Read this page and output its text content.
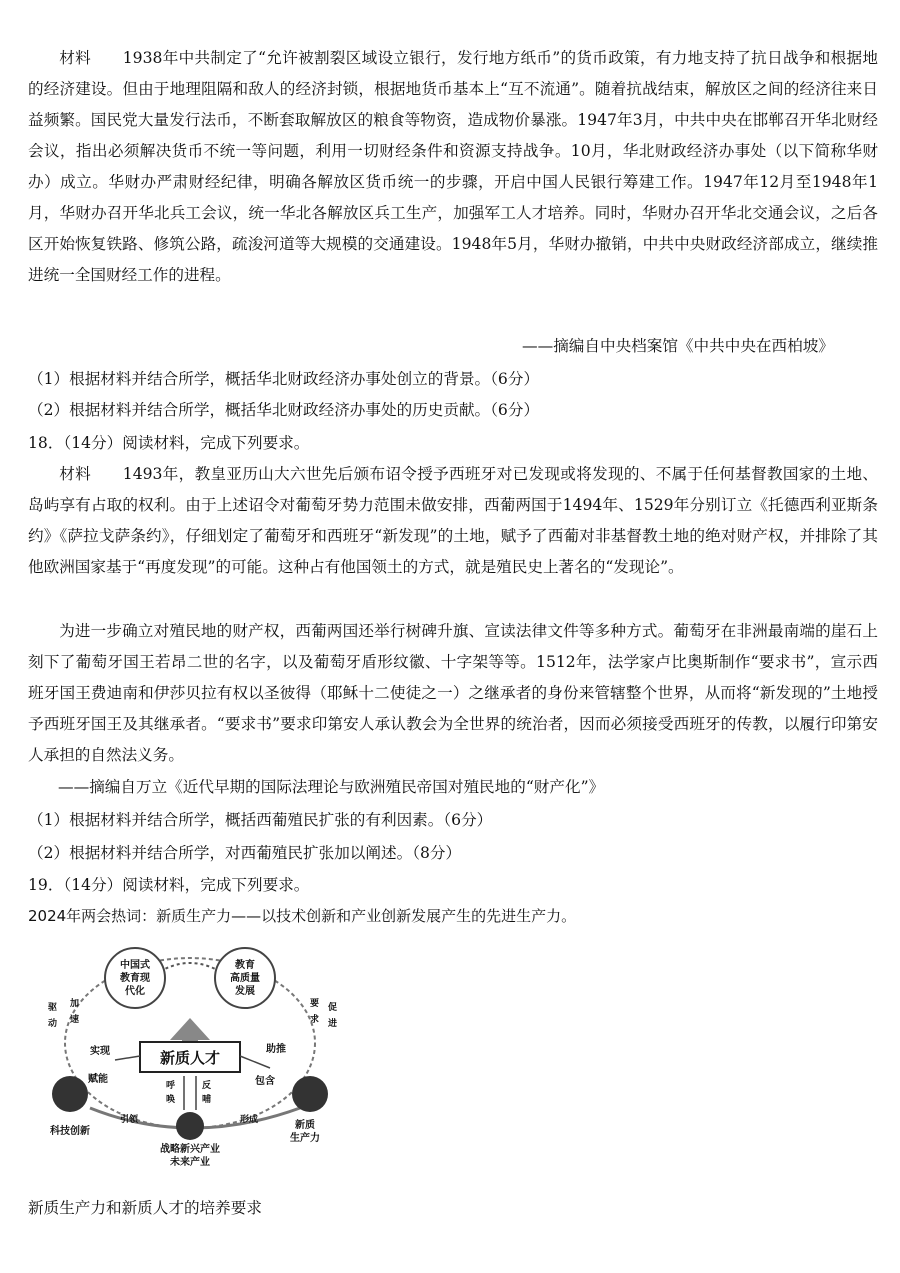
材料　　1938年中共制定了“允许被割裂区域设立银行，发行地方纸币”的货币政策，有力地支持了抗日战争和根据地的经济建设。但由于地理阻隔和敌人的经济封锁，根据地货币基本上“互不流通”。随着抗战结束，解放区之间的经济往来日益频繁。国民党大量发行法币，不断套取解放区的粮食等物资，造成物价暴涨。1947年3月，中共中央在邯郸召开华北财经会议，指出必须解决货币不统一等问题，利用一切财经条件和资源支持战争。10月，华北财政经济办事处（以下简称华财办）成立。华财办严肃财经纪律，明确各解放区货币统一的步骤，开启中国人民银行筹建工作。1947年12月至1948年1月，华财办召开华北兵工会议，统一华北各解放区兵工生产，加强军工人才培养。同时，华财办召开华北交通会议，之后各区开始恢复铁路、修筑公路，疏浚河道等大规模的交通建设。1948年5月，华财办撤销，中共中央财政经济部成立，继续推进统一全国财经工作的进程。
——摘编自中央档案馆《中共中央在西柏坡》
（1）根据材料并结合所学，概括华北财政经济办事处创立的背景。（6分）
（2）根据材料并结合所学，概括华北财政经济办事处的历史贡献。（6分）
18．（14分）阅读材料，完成下列要求。
材料　　1493年，教皇亚历山大六世先后颁布诏令授予西班牙对已发现或将发现的、不属于任何基督教国家的土地、岛屿享有占取的权利。由于上述诏令对葡萄牙势力范围未做安排，西葡两国于1494年、1529年分别订立《托德西利亚斯条约》《萨拉戈萨条约》，仔细划定了葡萄牙和西班牙“新发现”的土地，赋予了西葡对非基督教土地的绝对财产权，并排除了其他欧洲国家基于“再度发现”的可能。这种占有他国领土的方式，就是殖民史上著名的“发现论”。
为进一步确立对殖民地的财产权，西葡两国还举行树碑升旗、宣读法律文件等多种方式。葡萄牙在非洲最南端的崖石上刻下了葡萄牙国王若昂二世的名字，以及葡萄牙盾形纹徽、十字架等等。1512年，法学家卢比奥斯制作“要求书”，宣示西班牙国王费迪南和伊莎贝拉有权以圣彼得（耶稣十二使徒之一）之继承者的身份来管辖整个世界，从而将“新发现的”土地授予西班牙国王及其继承者。“要求书”要求印第安人承认教会为全世界的统治者，因而必须接受西班牙的传教，以履行印第安人承担的自然法义务。
——摘编自万立《近代早期的国际法理论与欧洲殖民帝国对殖民地的“财产化”》
（1）根据材料并结合所学，概括西葡殖民扩张的有利因素。（6分）
（2）根据材料并结合所学，对西葡殖民扩张加以阐述。（8分）
19．（14分）阅读材料，完成下列要求。
2024年两会热词：新质生产力——以技术创新和产业创新发展产生的先进生产力。
中国式
教育现
代化
教育
高质量
发展
新质人才
驱
动
加
速
要
求
促
进
实现
赋能
助推
包含
呼
唤
反
哺
科技创新
引领	形成
战略新兴产业
未来产业
新质
生产力
新质生产力和新质人才的培养要求
